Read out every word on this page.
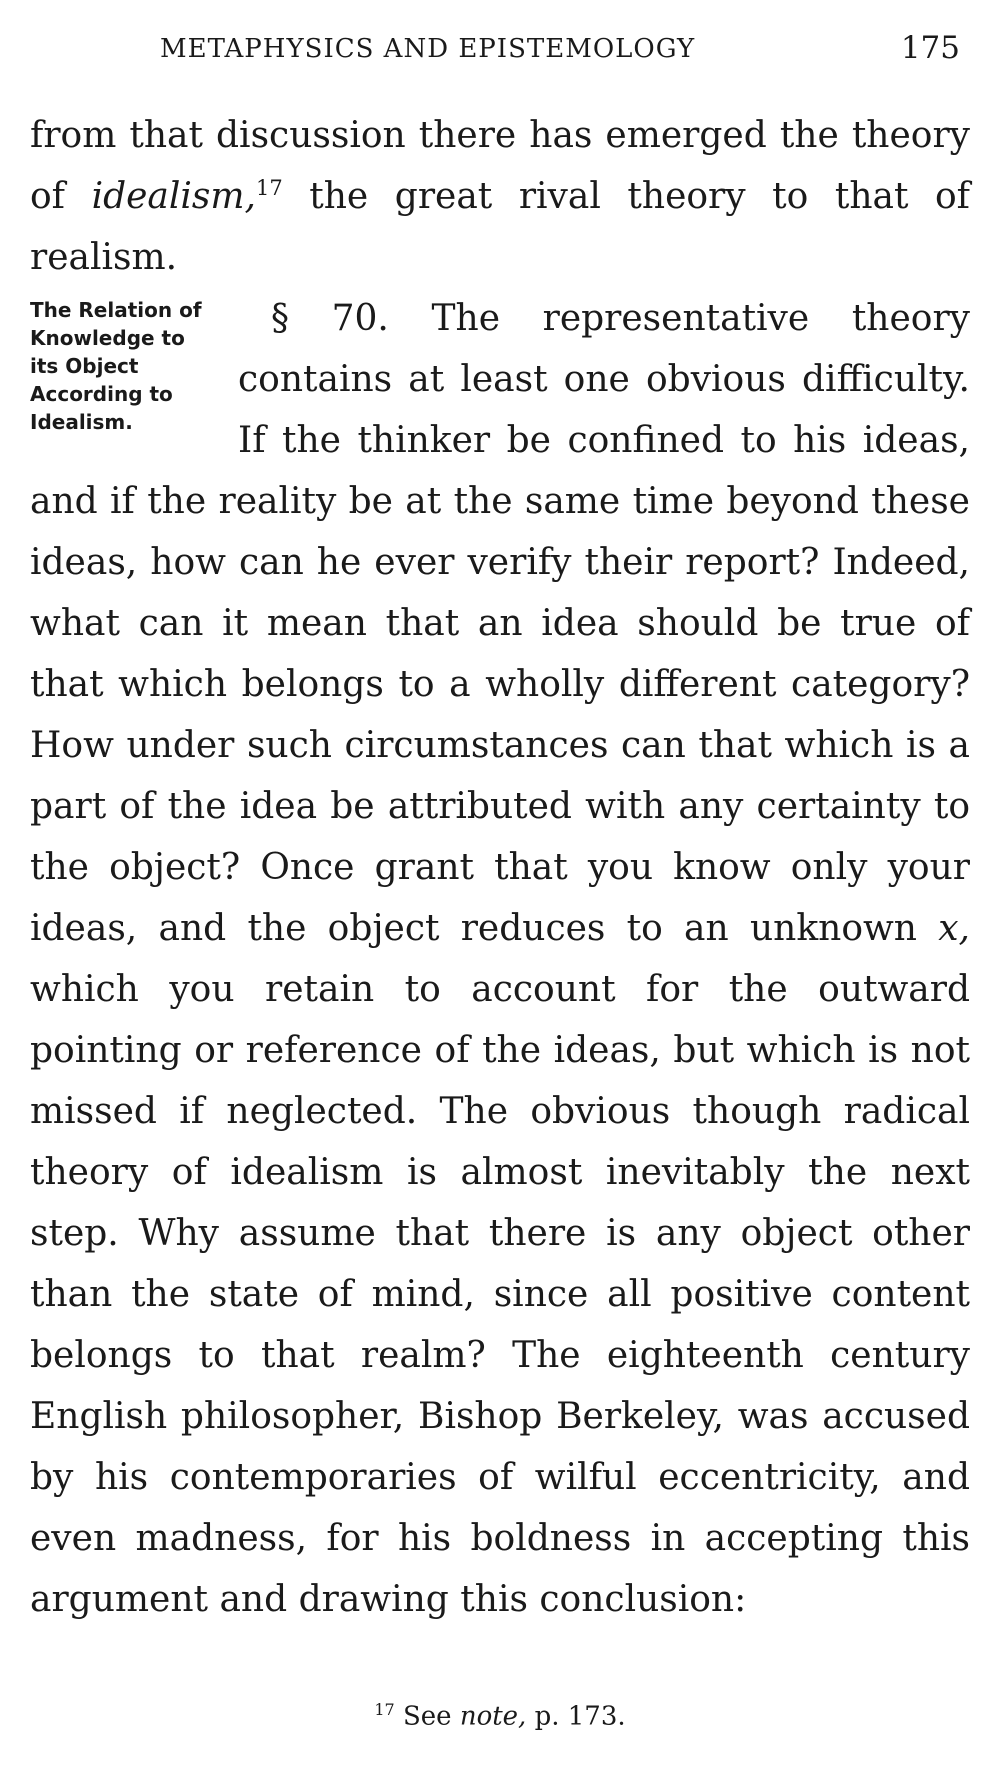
METAPHYSICS AND EPISTEMOLOGY	175

from that discussion there has emerged the theory of idealism,$^{17}$ the great rival theory to that of realism.

§ 70.
The Relation of Knowledge to its Object According to Idealism.
The representative theory contains at least one obvious difficulty. If the thinker be confined to his ideas, and if the reality be at the same time beyond these ideas, how can he ever verify their report? Indeed, what can it mean that an idea should be true of that which belongs to a wholly different category? How under such circumstances can that which is a part of the idea be attributed with any certainty to the object? Once grant that you know only your ideas, and the object reduces to an unknown x, which you retain to account for the outward pointing or reference of the ideas, but which is not missed if neglected. The obvious though radical theory of idealism is almost inevitably the next step. Why assume that there is any object other than the state of mind, since all positive content belongs to that realm? The eighteenth century English philosopher, Bishop Berkeley, was accused by his contemporaries of wilful eccentricity, and even madness, for his boldness in accepting this argument and drawing this conclusion:

$^{17}$ See note, p. 173.
